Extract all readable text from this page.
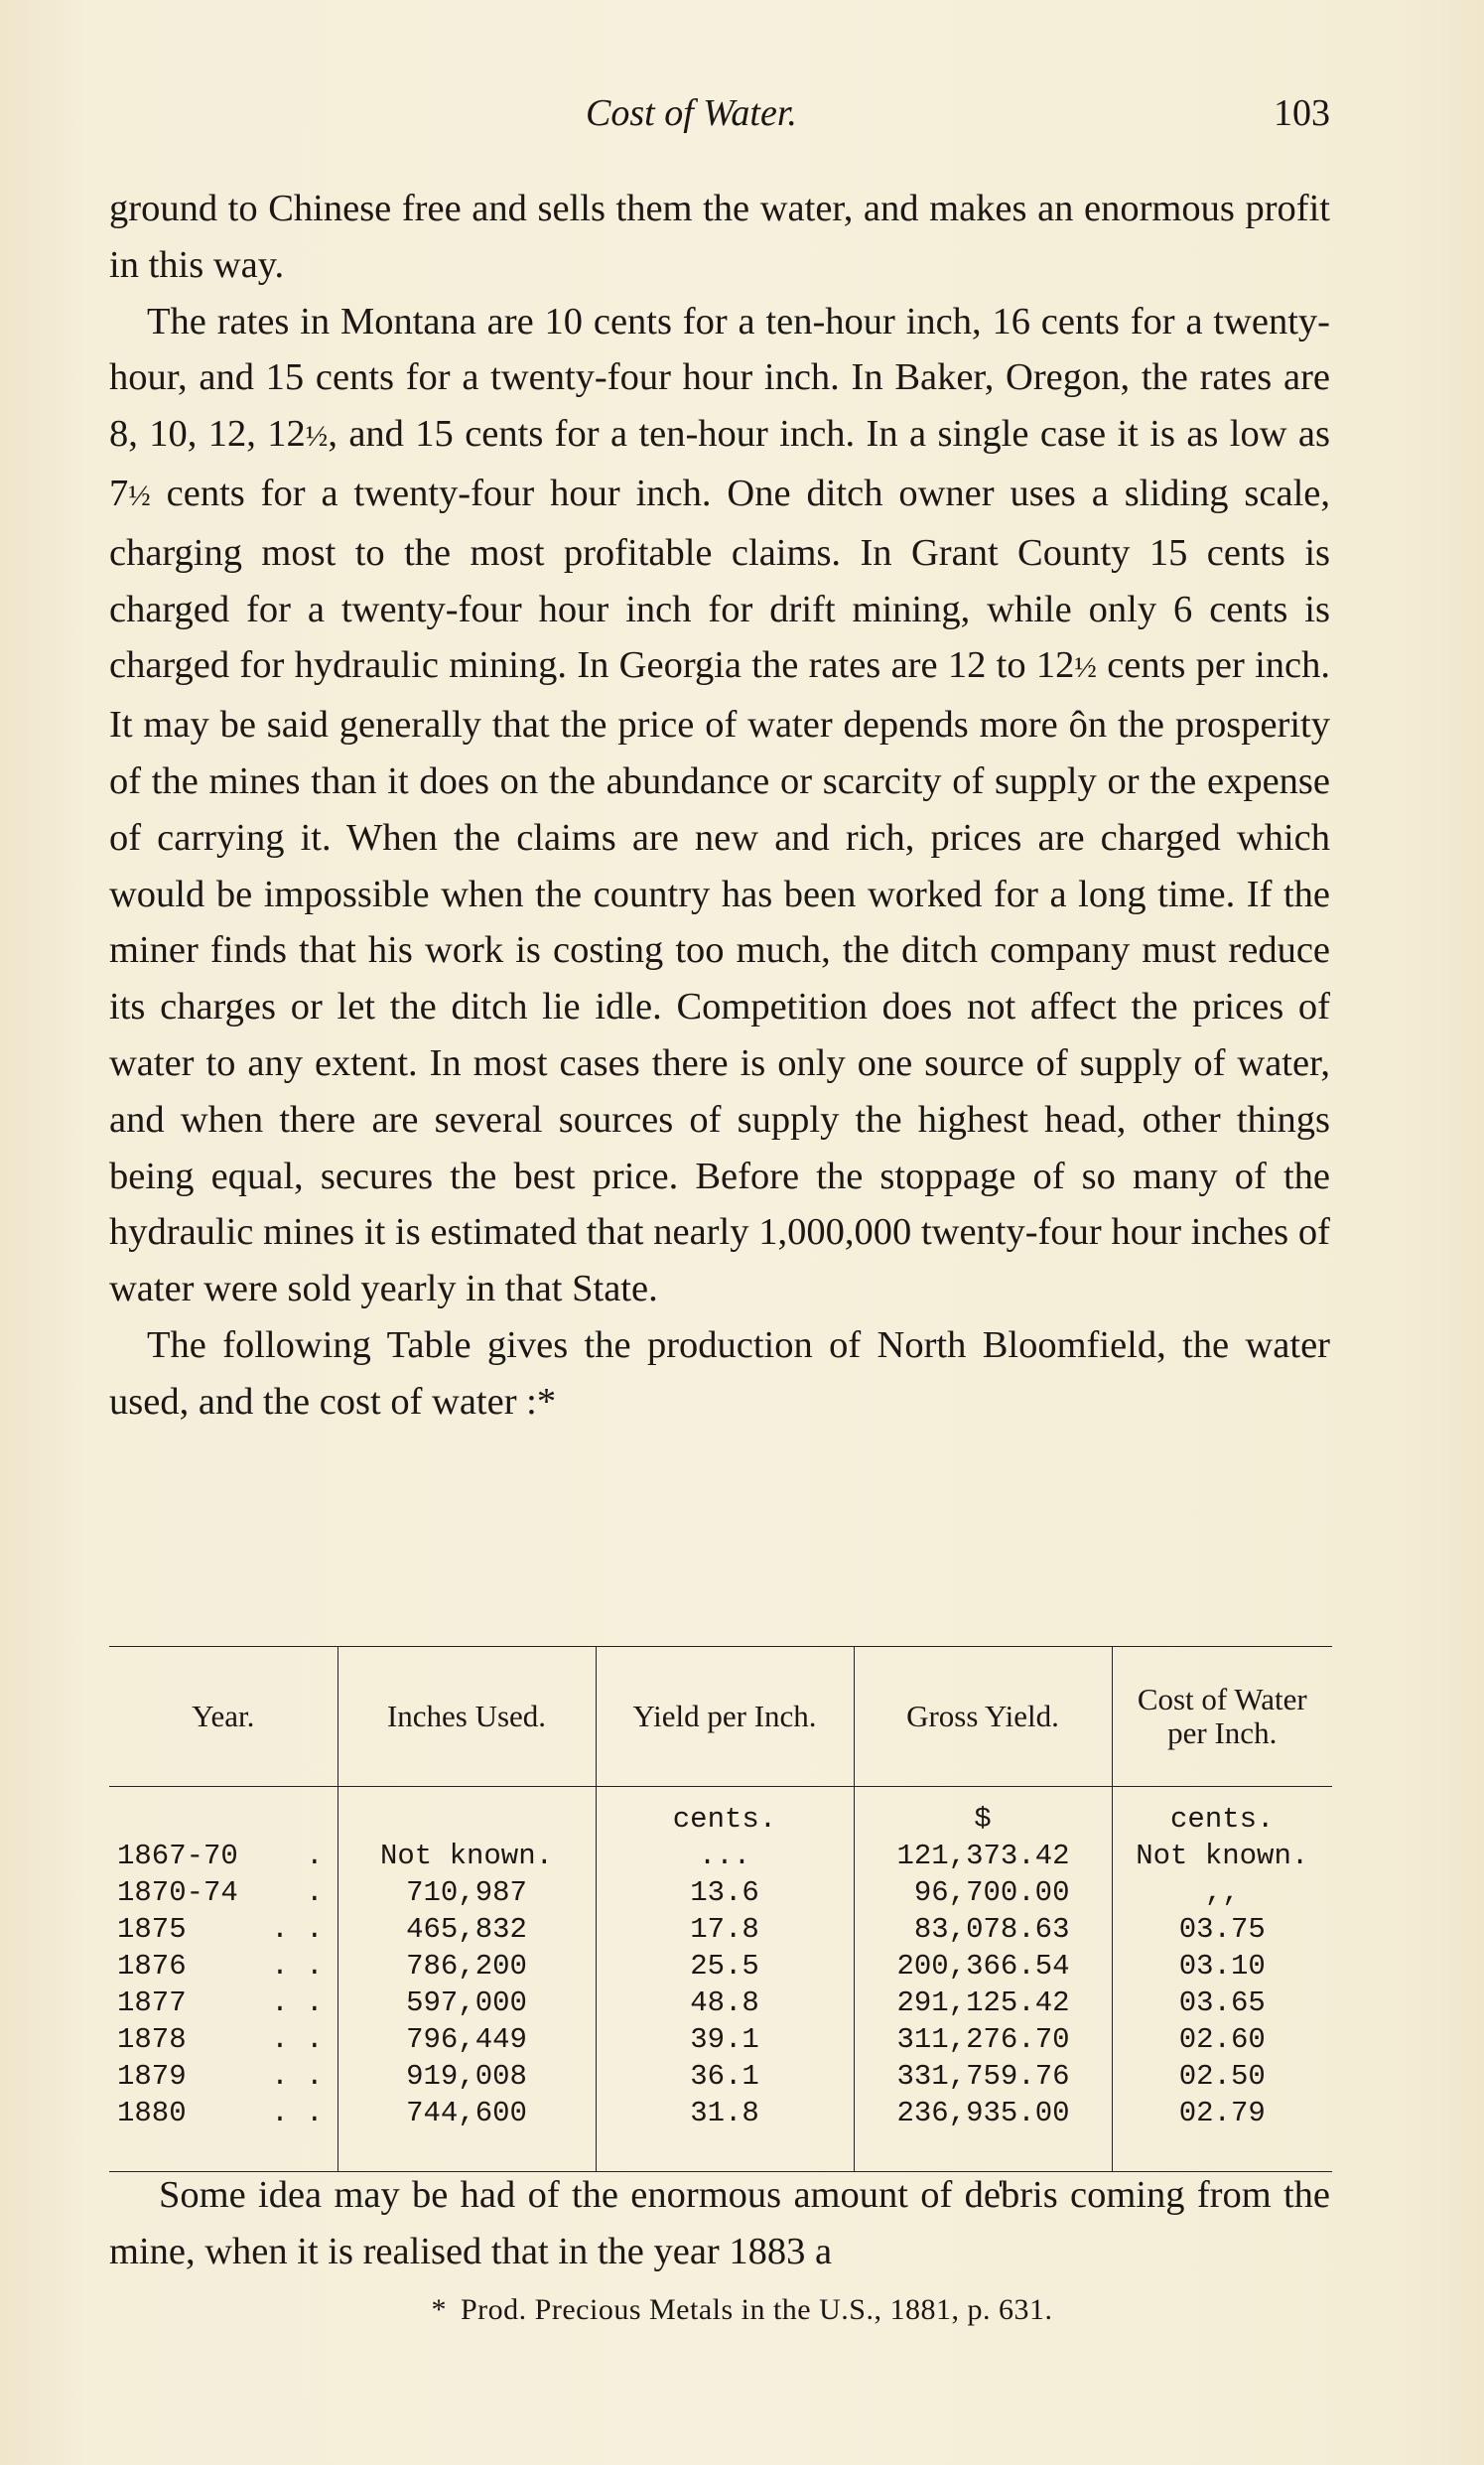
Cost of Water.	103

ground to Chinese free and sells them the water, and makes an enormous profit in this way.

The rates in Montana are 10 cents for a ten-hour inch, 16 cents for a twenty-hour, and 15 cents for a twenty-four hour inch. In Baker, Oregon, the rates are 8, 10, 12, 12½, and 15 cents for a ten-hour inch. In a single case it is as low as 7½ cents for a twenty-four hour inch. One ditch owner uses a sliding scale, charging most to the most profitable claims. In Grant County 15 cents is charged for a twenty-four hour inch for drift mining, while only 6 cents is charged for hydraulic mining. In Georgia the rates are 12 to 12½ cents per inch. It may be said generally that the price of water depends more ôn the prosperity of the mines than it does on the abundance or scarcity of supply or the expense of carrying it. When the claims are new and rich, prices are charged which would be impossible when the country has been worked for a long time. If the miner finds that his work is costing too much, the ditch company must reduce its charges or let the ditch lie idle. Competition does not affect the prices of water to any extent. In most cases there is only one source of supply of water, and when there are several sources of supply the highest head, other things being equal, secures the best price. Before the stoppage of so many of the hydraulic mines it is estimated that nearly 1,000,000 twenty-four hour inches of water were sold yearly in that State.

The following Table gives the production of North Bloomfield, the water used, and the cost of water :*

Year.	Inches Used.	Yield per Inch.	Gross Yield.	Cost of Water per Inch.
		cents.	$	cents.
1867-70 .	Not known.	...	121,373.42	Not known.
1870-74 .	710,987	13.6	96,700.00	,,
1875 . .	465,832	17.8	83,078.63	03.75
1876 . .	786,200	25.5	200,366.54	03.10
1877 . .	597,000	48.8	291,125.42	03.65
1878 . .	796,449	39.1	311,276.70	02.60
1879 . .	919,008	36.1	331,759.76	02.50
1880 . .	744,600	31.8	236,935.00	02.79

Some idea may be had of the enormous amount of de̍bris coming from the mine, when it is realised that in the year 1883 a

* Prod. Precious Metals in the U.S., 1881, p. 631.
